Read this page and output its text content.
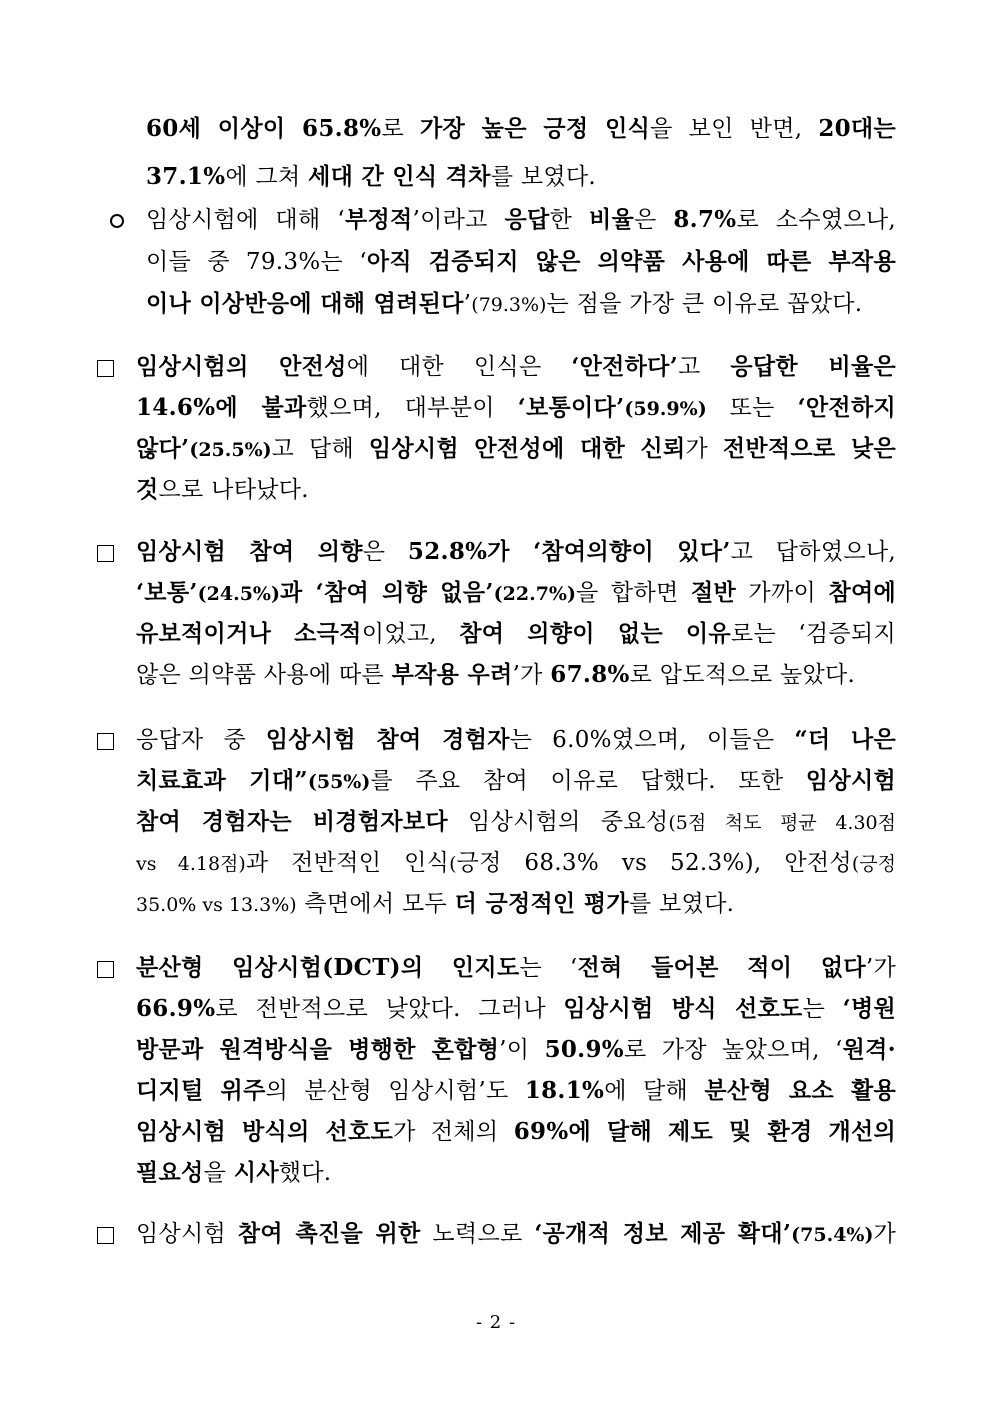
60세 이상이 65.8%로 가장 높은 긍정 인식을 보인 반면, 20대는
37.1%에 그쳐 세대 간 인식 격차를 보였다.
임상시험에 대해 ‘부정적’이라고 응답한 비율은 8.7%로 소수였으나,
이들 중 79.3%는 ‘아직 검증되지 않은 의약품 사용에 따른 부작용
이나 이상반응에 대해 염려된다’(79.3%)는 점을 가장 큰 이유로 꼽았다.
임상시험의 안전성에 대한 인식은 ‘안전하다’고 응답한 비율은
14.6%에 불과했으며, 대부분이 ‘보통이다’(59.9%) 또는 ‘안전하지
않다’(25.5%)고 답해 임상시험 안전성에 대한 신뢰가 전반적으로 낮은
것으로 나타났다.
임상시험 참여 의향은 52.8%가 ‘참여의향이 있다’고 답하였으나,
‘보통’(24.5%)과 ‘참여 의향 없음’(22.7%)을 합하면 절반 가까이 참여에
유보적이거나 소극적이었고, 참여 의향이 없는 이유로는 ‘검증되지
않은 의약품 사용에 따른 부작용 우려’가 67.8%로 압도적으로 높았다.
응답자 중 임상시험 참여 경험자는 6.0%였으며, 이들은 “더 나은
치료효과 기대”(55%)를 주요 참여 이유로 답했다. 또한 임상시험
참여 경험자는 비경험자보다 임상시험의 중요성(5점 척도 평균 4.30점
vs 4.18점)과 전반적인 인식(긍정 68.3% vs 52.3%), 안전성(긍정
35.0% vs 13.3%) 측면에서 모두 더 긍정적인 평가를 보였다.
분산형 임상시험(DCT)의 인지도는 ‘전혀 들어본 적이 없다’가
66.9%로 전반적으로 낮았다. 그러나 임상시험 방식 선호도는 ‘병원
방문과 원격방식을 병행한 혼합형’이 50.9%로 가장 높았으며, ‘원격·
디지털 위주의 분산형 임상시험’도 18.1%에 달해 분산형 요소 활용
임상시험 방식의 선호도가 전체의 69%에 달해 제도 및 환경 개선의
필요성을 시사했다.
임상시험 참여 촉진을 위한 노력으로 ‘공개적 정보 제공 확대’(75.4%)가
- 2 -
